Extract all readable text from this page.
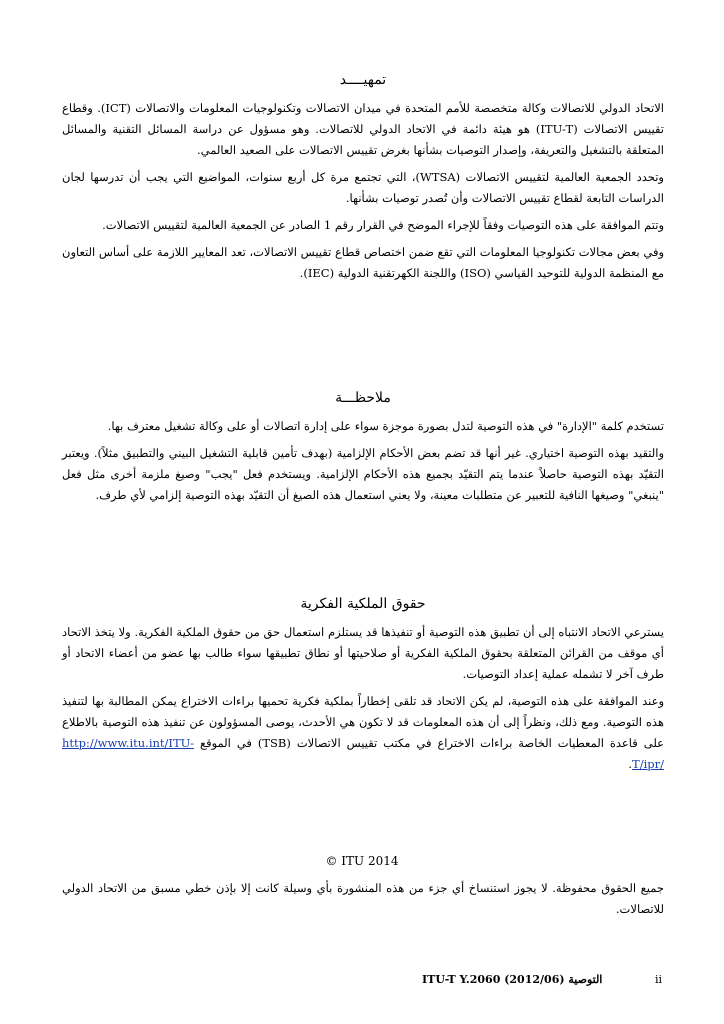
تمهيــــد

الاتحاد الدولي للاتصالات وكالة متخصصة للأمم المتحدة في ميدان الاتصالات وتكنولوجيات المعلومات والاتصالات (ICT). وقطاع تقييس الاتصالات (ITU-T) هو هيئة دائمة في الاتحاد الدولي للاتصالات. وهو مسؤول عن دراسة المسائل التقنية والمسائل المتعلقة بالتشغيل والتعريفة، وإصدار التوصيات بشأنها بغرض تقييس الاتصالات على الصعيد العالمي.

وتحدد الجمعية العالمية لتقييس الاتصالات (WTSA)، التي تجتمع مرة كل أربع سنوات، المواضيع التي يجب أن تدرسها لجان الدراسات التابعة لقطاع تقييس الاتصالات وأن تُصدر توصيات بشأنها.

وتتم الموافقة على هذه التوصيات وفقاً للإجراء الموضح في القرار رقم 1 الصادر عن الجمعية العالمية لتقييس الاتصالات.

وفي بعض مجالات تكنولوجيا المعلومات التي تقع ضمن اختصاص قطاع تقييس الاتصالات، تعد المعايير اللازمة على أساس التعاون مع المنظمة الدولية للتوحيد القياسي (ISO) واللجنة الكهرتقنية الدولية (IEC).

ملاحظـــة

تستخدم كلمة "الإدارة" في هذه التوصية لتدل بصورة موجزة سواء على إدارة اتصالات أو على وكالة تشغيل معترف بها.

والتقيد بهذه التوصية اختياري. غير أنها قد تضم بعض الأحكام الإلزامية (بهدف تأمين قابلية التشغيل البيني والتطبيق مثلاً). ويعتبر التقيّد بهذه التوصية حاصلاً عندما يتم التقيّد بجميع هذه الأحكام الإلزامية. ويستخدم فعل "يجب" وصيغ ملزمة أخرى مثل فعل "ينبغي" وصيغها النافية للتعبير عن متطلبات معينة، ولا يعني استعمال هذه الصيغ أن التقيّد بهذه التوصية إلزامي لأي طرف.

حقوق الملكية الفكرية

يسترعي الاتحاد الانتباه إلى أن تطبيق هذه التوصية أو تنفيذها قد يستلزم استعمال حق من حقوق الملكية الفكرية. ولا يتخذ الاتحاد أي موقف من القرائن المتعلقة بحقوق الملكية الفكرية أو صلاحيتها أو نطاق تطبيقها سواء طالب بها عضو من أعضاء الاتحاد أو طرف آخر لا تشمله عملية إعداد التوصيات.

وعند الموافقة على هذه التوصية، لم يكن الاتحاد قد تلقى إخطاراً بملكية فكرية تحميها براءات الاختراع يمكن المطالبة بها لتنفيذ هذه التوصية. ومع ذلك، ونظراً إلى أن هذه المعلومات قد لا تكون هي الأحدث، يوصى المسؤولون عن تنفيذ هذه التوصية بالاطلاع على قاعدة المعطيات الخاصة براءات الاختراع في مكتب تقييس الاتصالات (TSB) في الموقع http://www.itu.int/ITU-T/ipr/.

© ITU 2014

جميع الحقوق محفوظة. لا يجوز استنساخ أي جزء من هذه المنشورة بأي وسيلة كانت إلا بإذن خطي مسبق من الاتحاد الدولي للاتصالات.

التوصية ITU-T Y.2060 (2012/06)	ii
